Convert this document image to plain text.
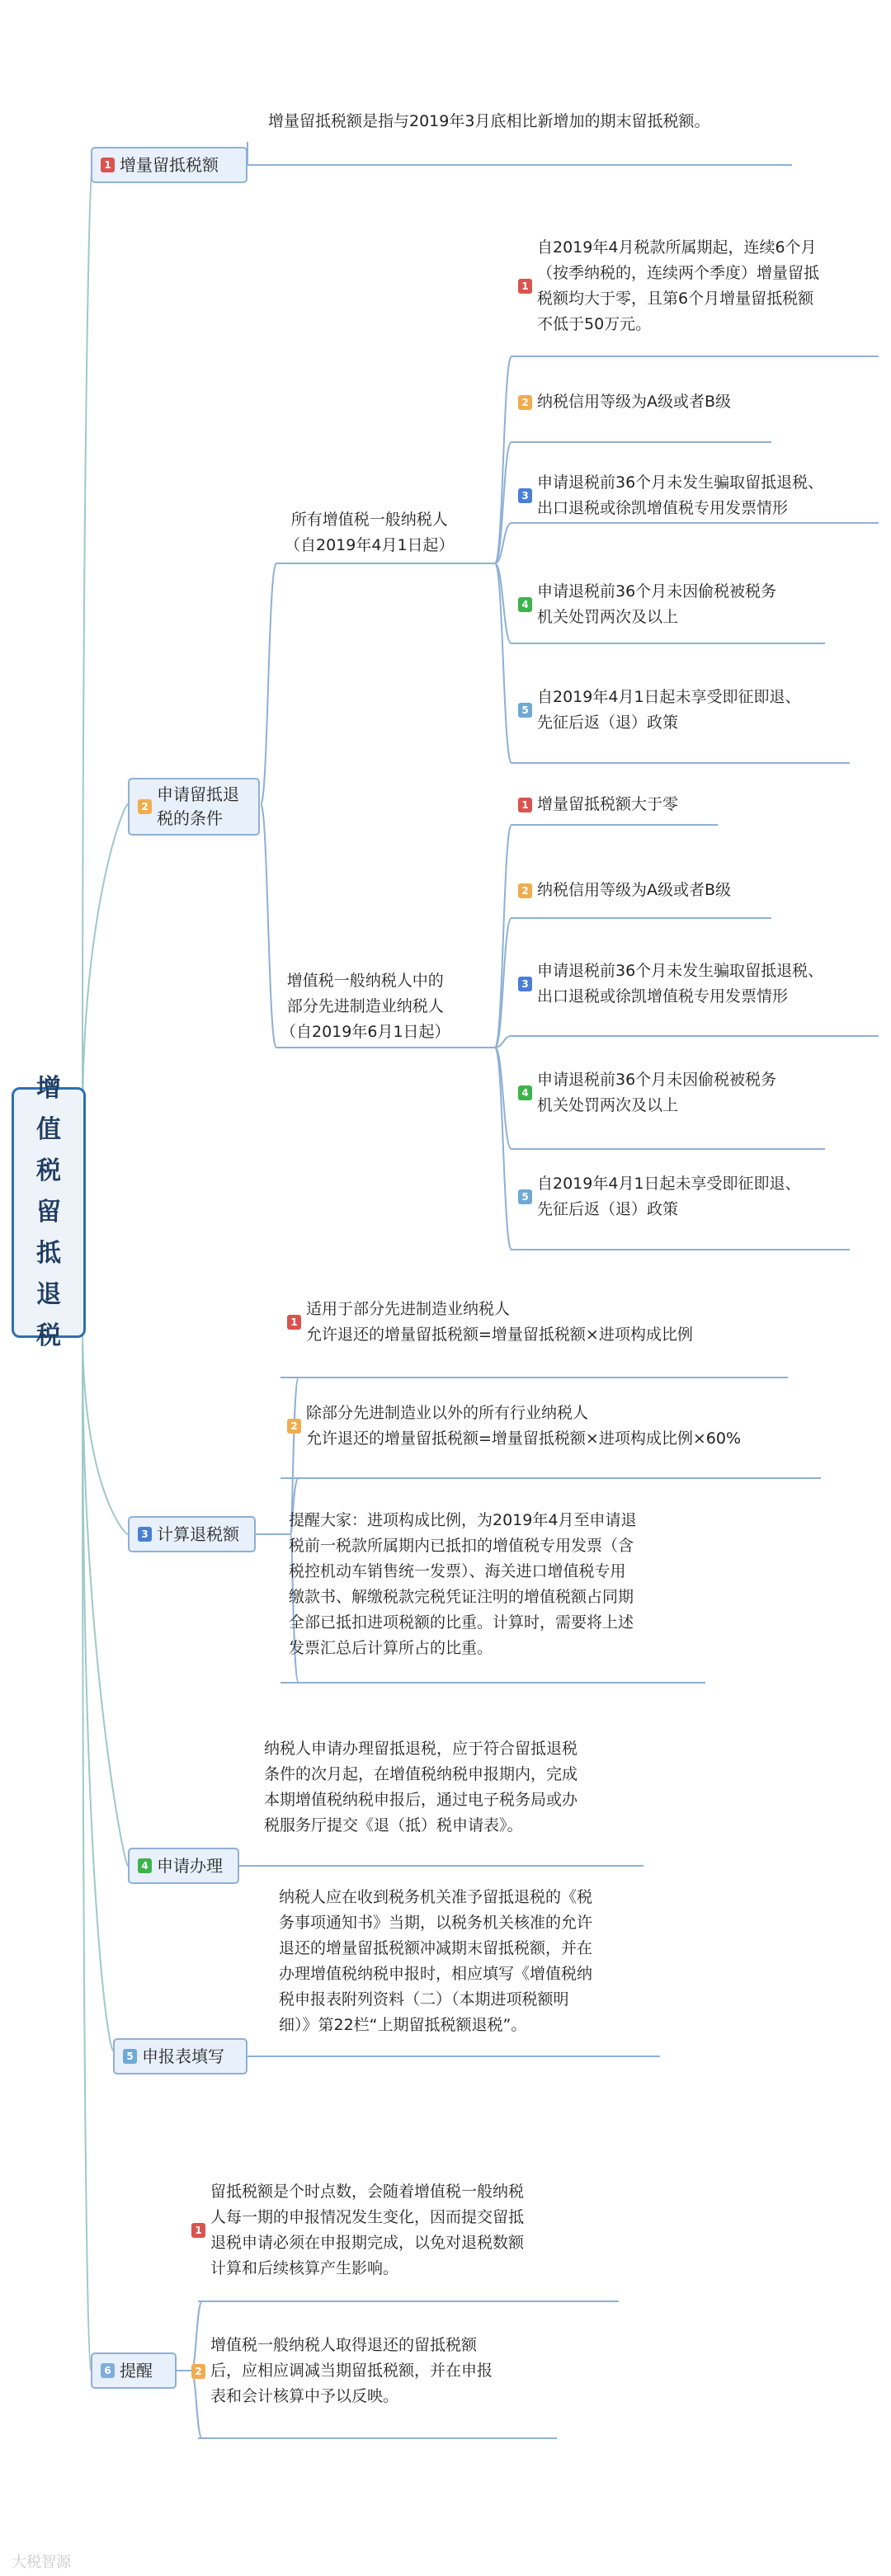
增
值
税
留
抵
退
税
1 增量留抵税额
增量留抵税额是指与2019年3月底相比新增加的期末留抵税额。
2
申请留抵退
税的条件
所有增值税一般纳税人
（自2019年4月1日起）
1
自2019年4月税款所属期起，连续6个月
（按季纳税的，连续两个季度）增量留抵
税额均大于零，且第6个月增量留抵税额
不低于50万元。
2 纳税信用等级为A级或者B级
3
申请退税前36个月未发生骗取留抵退税、
出口退税或徐凯增值税专用发票情形
4
申请退税前36个月未因偷税被税务
机关处罚两次及以上
5
自2019年4月1日起未享受即征即退、
先征后返（退）政策
增值税一般纳税人中的
部分先进制造业纳税人
（自2019年6月1日起）
1 增量留抵税额大于零
2 纳税信用等级为A级或者B级
3
申请退税前36个月未发生骗取留抵退税、
出口退税或徐凯增值税专用发票情形
4
申请退税前36个月未因偷税被税务
机关处罚两次及以上
5
自2019年4月1日起未享受即征即退、
先征后返（退）政策
3 计算退税额
1
适用于部分先进制造业纳税人
允许退还的增量留抵税额=增量留抵税额×进项构成比例
2
除部分先进制造业以外的所有行业纳税人
允许退还的增量留抵税额=增量留抵税额×进项构成比例×60%
提醒大家：进项构成比例，为2019年4月至申请退
税前一税款所属期内已抵扣的增值税专用发票（含
税控机动车销售统一发票）、海关进口增值税专用
缴款书、解缴税款完税凭证注明的增值税额占同期
全部已抵扣进项税额的比重。计算时，需要将上述
发票汇总后计算所占的比重。
4 申请办理
纳税人申请办理留抵退税，应于符合留抵退税
条件的次月起，在增值税纳税申报期内，完成
本期增值税纳税申报后，通过电子税务局或办
税服务厅提交《退（抵）税申请表》。
5 申报表填写
纳税人应在收到税务机关准予留抵退税的《税
务事项通知书》当期，以税务机关核准的允许
退还的增量留抵税额冲减期末留抵税额，并在
办理增值税纳税申报时，相应填写《增值税纳
税申报表附列资料（二）（本期进项税额明
细）》第22栏“上期留抵税额退税”。
6 提醒
1
留抵税额是个时点数，会随着增值税一般纳税
人每一期的申报情况发生变化，因而提交留抵
退税申请必须在申报期完成，以免对退税数额
计算和后续核算产生影响。
2
增值税一般纳税人取得退还的留抵税额
后，应相应调减当期留抵税额，并在申报
表和会计核算中予以反映。
大税智源
